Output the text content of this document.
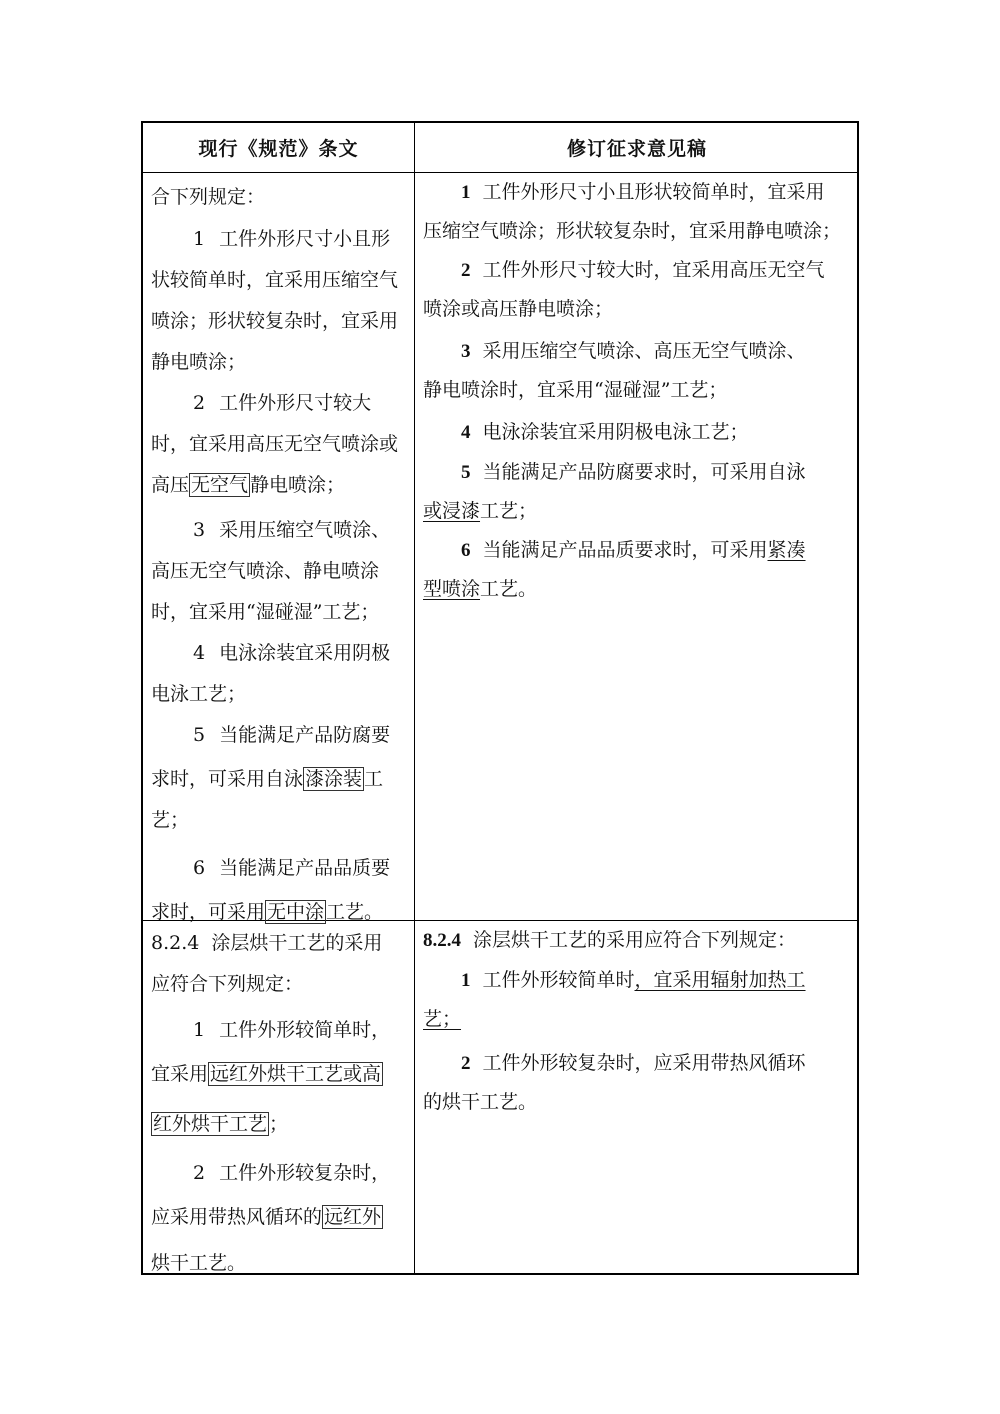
现行《规范》条文	修订征求意见稿

合下列规定：

1 工件外形尺寸小且形

状较简单时，宜采用压缩空气

喷涂；形状较复杂时，宜采用

静电喷涂；

2 工件外形尺寸较大

时，宜采用高压无空气喷涂或

高压 无空气 静电喷涂；

3 采用压缩空气喷涂、

高压无空气喷涂、静电喷涂

时，宜采用“湿碰湿”工艺；

4 电泳涂装宜采用阴极

电泳工艺；

5 当能满足产品防腐要

求时，可采用自泳 漆涂装 工

艺；

6 当能满足产品品质要

求时，可采用 无中涂 工艺。

1 工件外形尺寸小且形状较简单时，宜采用

压缩空气喷涂；形状较复杂时，宜采用静电喷涂；

2 工件外形尺寸较大时，宜采用高压无空气

喷涂或高压静电喷涂；

3 采用压缩空气喷涂、高压无空气喷涂、

静电喷涂时，宜采用“湿碰湿”工艺；

4 电泳涂装宜采用阴极电泳工艺；

5 当能满足产品防腐要求时，可采用自泳

或浸漆工艺；

6 当能满足产品品质要求时，可采用紧凑

型喷涂工艺。

8.2.4 涂层烘干工艺的采用

应符合下列规定：

1 工件外形较简单时，

宜采用 远红外烘干工艺或高

红外烘干工艺 ；

2 工件外形较复杂时，

应采用带热风循环的 远红外

烘干工艺。

8.2.4 涂层烘干工艺的采用应符合下列规定：

1 工件外形较简单时，宜采用辐射加热工

艺；

2 工件外形较复杂时，应采用带热风循环

的烘干工艺。
